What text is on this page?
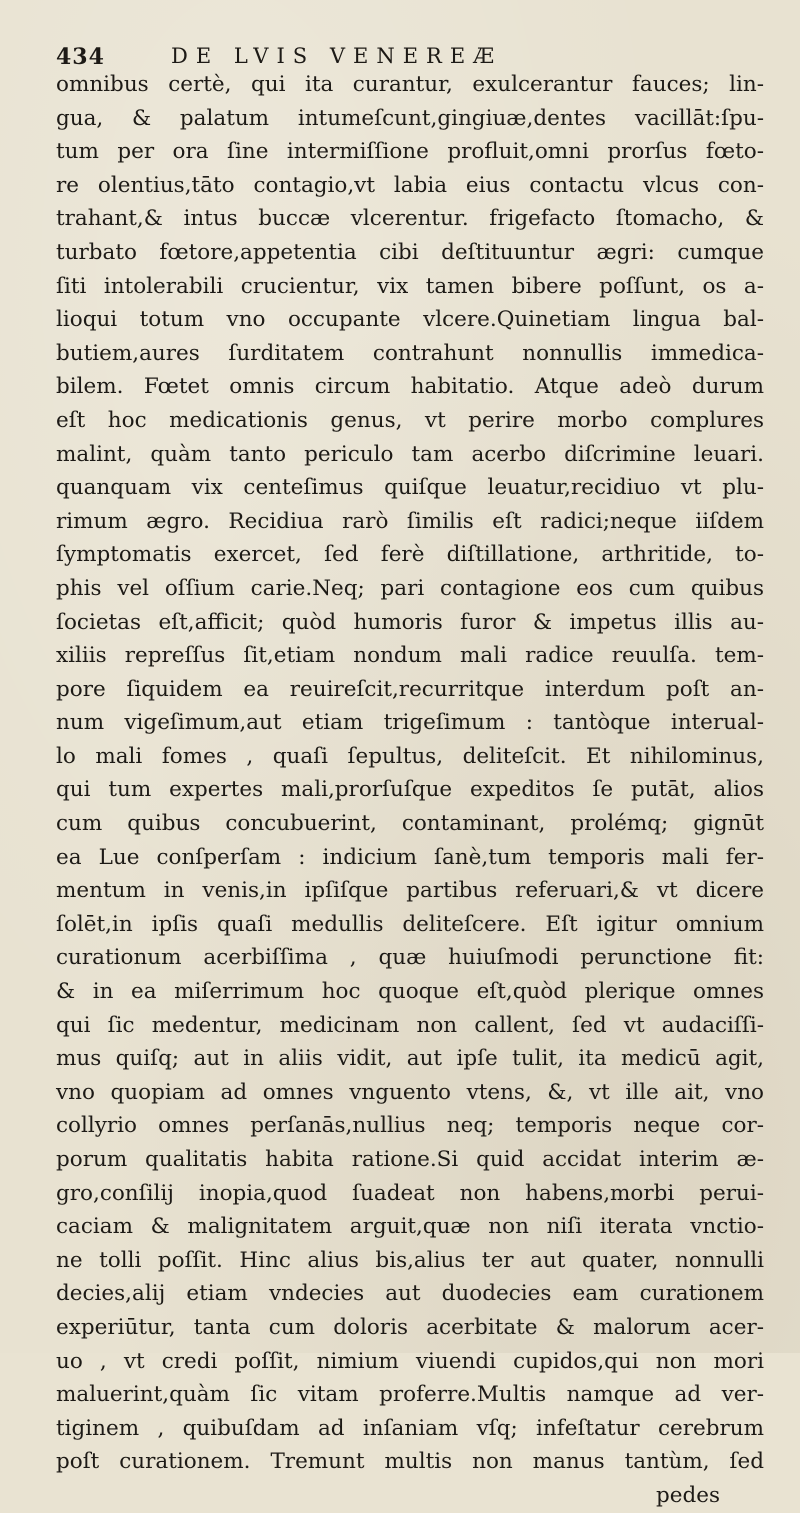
434	DE LVIS VENEREÆ
omnibus certè, qui ita curantur, exulcerantur fauces; lin-
gua, & palatum intumeſcunt,gingiuæ,dentes vacillāt:ſpu-
tum per ora ſine intermiſſione profluit,omni prorſus fœto-
re olentius,tāto contagio,vt labia eius contactu vlcus con-
trahant,& intus buccæ vlcerentur. frigefacto ſtomacho, &
turbato fœtore,appetentia cibi deſtituuntur ægri: cumque
ſiti intolerabili crucientur, vix tamen bibere poſſunt, os a-
lioqui totum vno occupante vlcere.Quinetiam lingua bal-
butiem,aures ſurditatem contrahunt nonnullis immedica-
bilem. Fœtet omnis circum habitatio. Atque adeò durum
eſt hoc medicationis genus, vt perire morbo complures
malint, quàm tanto periculo tam acerbo diſcrimine leuari.
quanquam vix centeſimus quiſque leuatur,recidiuo vt plu-
rimum ægro. Recidiua rarò ſimilis eſt radici;neque iiſdem
ſymptomatis exercet, ſed ferè diſtillatione, arthritide, to-
phis vel oſſium carie.Neq; pari contagione eos cum quibus
ſocietas eſt,afficit; quòd humoris furor & impetus illis au-
xiliis repreſſus ſit,etiam nondum mali radice reuulſa. tem-
pore ſiquidem ea reuireſcit,recurritque interdum poſt an-
num vigeſimum,aut etiam trigeſimum : tantòque interual-
lo mali fomes , quaſi ſepultus, deliteſcit. Et nihilominus,
qui tum expertes mali,prorſuſque expeditos ſe putāt, alios
cum quibus concubuerint, contaminant, prolémq; gignūt
ea Lue conſperſam : indicium ſanè,tum temporis mali fer-
mentum in venis,in ipſiſque partibus referuari,& vt dicere
ſolēt,in ipſis quaſi medullis deliteſcere. Eſt igitur omnium
curationum acerbiſſima , quæ huiuſmodi perunctione fit:
& in ea miſerrimum hoc quoque eſt,quòd plerique omnes
qui ſic medentur, medicinam non callent, ſed vt audaciſſi-
mus quiſq; aut in aliis vidit, aut ipſe tulit, ita medicū agit,
vno quopiam ad omnes vnguento vtens, &, vt ille ait, vno
collyrio omnes perſanās,nullius neq; temporis neque cor-
porum qualitatis habita ratione.Si quid accidat interim æ-
gro,conſilij inopia,quod ſuadeat non habens,morbi perui-
caciam & malignitatem arguit,quæ non niſi iterata vnctio-
ne tolli poſſit. Hinc alius bis,alius ter aut quater, nonnulli
decies,alij etiam vndecies aut duodecies eam curationem
experiūtur, tanta cum doloris acerbitate & malorum acer-
uo , vt credi poſſit, nimium viuendi cupidos,qui non mori
maluerint,quàm ſic vitam proferre.Multis namque ad ver-
tiginem , quibuſdam ad inſaniam vſq; infeſtatur cerebrum
poſt curationem. Tremunt multis non manus tantùm, ſed
pedes
